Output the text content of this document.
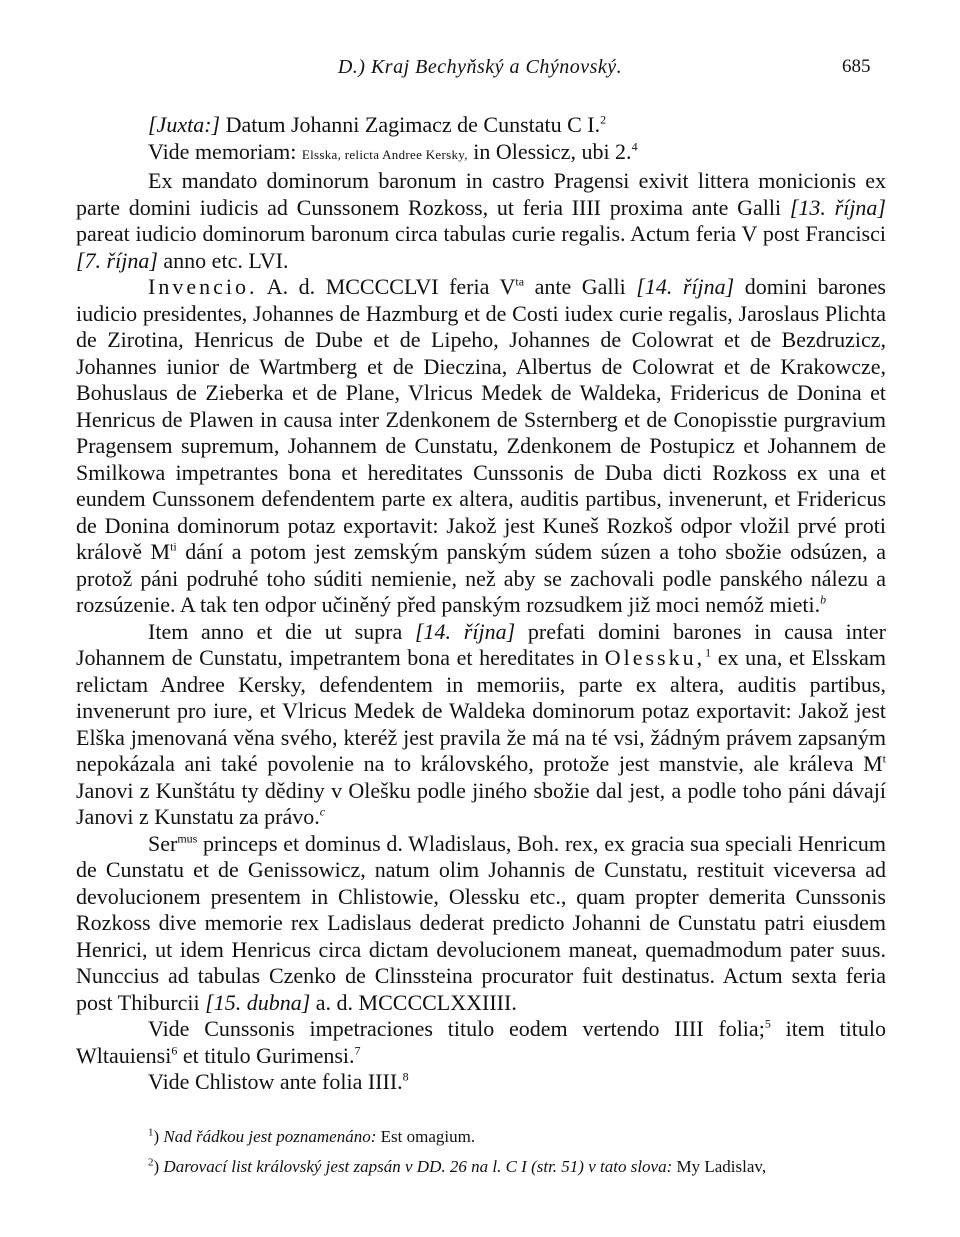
D.) Kraj Bechyňský a Chýnovský.	685

[Juxta:] Datum Johanni Zagimacz de Cunstatu C I.$^2$

Vide memoriam: Elsska, relicta Andree Kersky, in Olessicz, ubi 2.$^4$

Ex mandato dominorum baronum in castro Pragensi exivit littera monicionis ex parte domini iudicis ad Cunssonem Rozkoss, ut feria IIII proxima ante Galli [13. října] pareat iudicio dominorum baronum circa tabulas curie regalis. Actum feria V post Francisci [7. října] anno etc. LVI.

Invencio. A. d. MCCCCLVI feria $V^{ta}$ ante Galli [14. října] domini barones iudicio presidentes, Johannes de Hazmburg et de Costi iudex curie regalis, Jaroslaus Plichta de Zirotina, Henricus de Dube et de Lipeho, Johannes de Colowrat et de Bezdruzicz, Johannes iunior de Wartmberg et de Dieczina, Albertus de Colowrat et de Krakowcze, Bohuslaus de Zieberka et de Plane, Vlricus Medek de Waldeka, Fridericus de Donina et Henricus de Plawen in causa inter Zdenkonem de Ssternberg et de Conopisstie purgravium Pragensem supremum, Johannem de Cunstatu, Zdenkonem de Postupicz et Johannem de Smilkowa impetrantes bona et hereditates Cunssonis de Duba dicti Rozkoss ex una et eundem Cunssonem defendentem parte ex altera, auditis partibus, invenerunt, et Fridericus de Donina dominorum potaz exportavit: Jakož jest Kuneš Rozkoš odpor vložil prvé proti králově $M^{ti}$ dání a potom jest zemským panským súdem súzen a toho sbožie odsúzen, a protož páni podruhé toho súditi nemienie, než aby se zachovali podle panského nálezu a rozsúzenie. A tak ten odpor učiněný před panským rozsudkem již moci nemóž mieti.$^b$

Item anno et die ut supra [14. října] prefati domini barones in causa inter Johannem de Cunstatu, impetrantem bona et hereditates in Olessku,$^1$ ex una, et Elsskam relictam Andree Kersky, defendentem in memoriis, parte ex altera, auditis partibus, invenerunt pro iure, et Vlricus Medek de Waldeka dominorum potaz exportavit: Jakož jest Elška jmenovaná věna svého, kteréž jest pravila že má na té vsi, žádným právem zapsaným nepokázala ani také povolenie na to královského, protože jest manstvie, ale králeva $M^t$ Janovi z Kunštátu ty dědiny v Olešku podle jiného sbožie dal jest, a podle toho páni dávají Janovi z Kunstatu za právo.$^c$

Ser$^{mus}$ princeps et dominus d. Wladislaus, Boh. rex, ex gracia sua speciali Henricum de Cunstatu et de Genissowicz, natum olim Johannis de Cunstatu, restituit viceversa ad devolucionem presentem in Chlistowie, Olessku etc., quam propter demerita Cunssonis Rozkoss dive memorie rex Ladislaus dederat predicto Johanni de Cunstatu patri eiusdem Henrici, ut idem Henricus circa dictam devolucionem maneat, quemadmodum pater suus. Nunccius ad tabulas Czenko de Clinssteina procurator fuit destinatus. Actum sexta feria post Thiburcii [15. dubna] a. d. MCCCCLXXIIII.

Vide Cunssonis impetraciones titulo eodem vertendo IIII folia;$^5$ item titulo Wltauiensi$^6$ et titulo Gurimensi.$^7$

Vide Chlistow ante folia IIII.$^8$

$^1$) Nad řádkou jest poznamenáno: Est omagium.

$^2$) Darovací list královský jest zapsán v DD. 26 na l. C I (str. 51) v tato slova: My Ladislav,
